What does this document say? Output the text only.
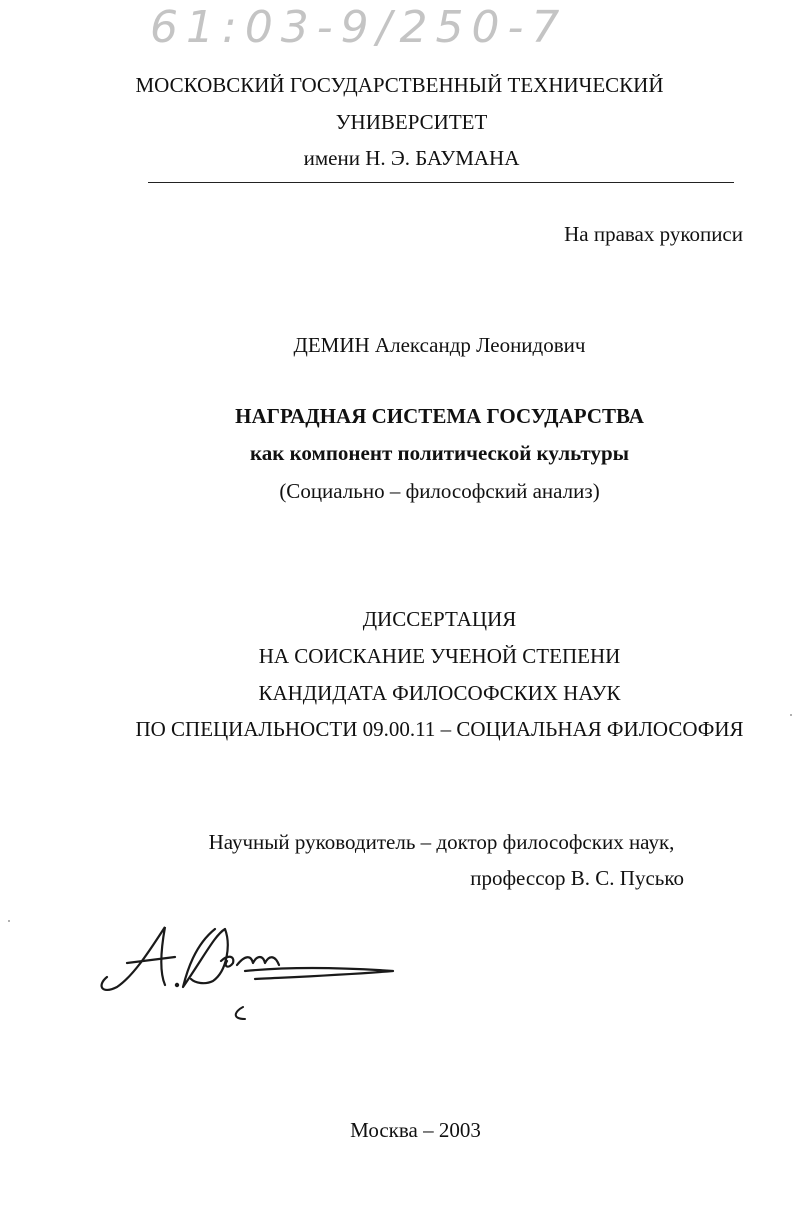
61:03-9/250-7
МОСКОВСКИЙ ГОСУДАРСТВЕННЫЙ ТЕХНИЧЕСКИЙ
УНИВЕРСИТЕТ
имени Н. Э. БАУМАНА
На правах рукописи
ДЕМИН Александр Леонидович
НАГРАДНАЯ СИСТЕМА ГОСУДАРСТВА
как компонент политической культуры
(Социально – философский анализ)
ДИССЕРТАЦИЯ
НА СОИСКАНИЕ УЧЕНОЙ СТЕПЕНИ
КАНДИДАТА ФИЛОСОФСКИХ НАУК
ПО СПЕЦИАЛЬНОСТИ 09.00.11 – СОЦИАЛЬНАЯ ФИЛОСОФИЯ
Научный руководитель – доктор философских наук,
профессор В. С. Пусько
Москва – 2003
